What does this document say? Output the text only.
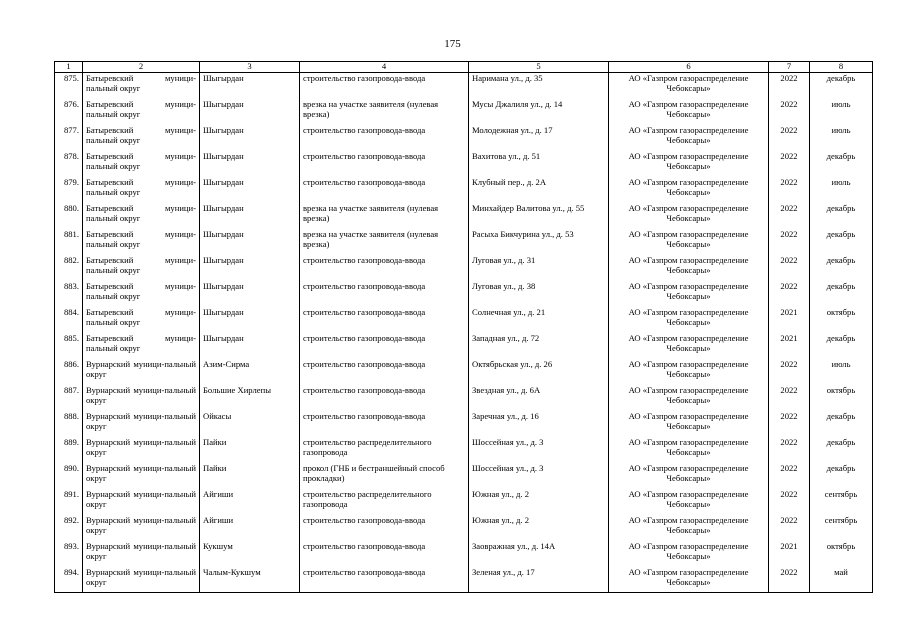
175
1	2	3	4	5	6	7	8
875.	Батыревский муници-пальный округ	Шыгырдан	строительство газопровода-ввода	Наримана ул., д. 35	АО «Газпром газораспределение Чебоксары»	2022	декабрь
876.	Батыревский муници-пальный округ	Шыгырдан	врезка на участке заявителя (нулевая врезка)	Мусы Джалиля ул., д. 14	АО «Газпром газораспределение Чебоксары»	2022	июль
877.	Батыревский муници-пальный округ	Шыгырдан	строительство газопровода-ввода	Молодежная ул., д. 17	АО «Газпром газораспределение Чебоксары»	2022	июль
878.	Батыревский муници-пальный округ	Шыгырдан	строительство газопровода-ввода	Вахитова ул., д. 51	АО «Газпром газораспределение Чебоксары»	2022	декабрь
879.	Батыревский муници-пальный округ	Шыгырдан	строительство газопровода-ввода	Клубный пер., д. 2А	АО «Газпром газораспределение Чебоксары»	2022	июль
880.	Батыревский муници-пальный округ	Шыгырдан	врезка на участке заявителя (нулевая врезка)	Минхайдер Валитова ул., д. 55	АО «Газпром газораспределение Чебоксары»	2022	декабрь
881.	Батыревский муници-пальный округ	Шыгырдан	врезка на участке заявителя (нулевая врезка)	Расыха Бикчурина ул., д. 53	АО «Газпром газораспределение Чебоксары»	2022	декабрь
882.	Батыревский муници-пальный округ	Шыгырдан	строительство газопровода-ввода	Луговая ул., д. 31	АО «Газпром газораспределение Чебоксары»	2022	декабрь
883.	Батыревский муници-пальный округ	Шыгырдан	строительство газопровода-ввода	Луговая ул., д. 38	АО «Газпром газораспределение Чебоксары»	2022	декабрь
884.	Батыревский муници-пальный округ	Шыгырдан	строительство газопровода-ввода	Солнечная ул., д. 21	АО «Газпром газораспределение Чебоксары»	2021	октябрь
885.	Батыревский муници-пальный округ	Шыгырдан	строительство газопровода-ввода	Западная ул., д. 72	АО «Газпром газораспределение Чебоксары»	2021	декабрь
886.	Вурнарский муници-пальный округ	Азим-Сирма	строительство газопровода-ввода	Октябрьская ул., д. 26	АО «Газпром газораспределение Чебоксары»	2022	июль
887.	Вурнарский муници-пальный округ	Большие Хирлепы	строительство газопровода-ввода	Звездная ул., д. 6А	АО «Газпром газораспределение Чебоксары»	2022	октябрь
888.	Вурнарский муници-пальный округ	Ойкасы	строительство газопровода-ввода	Заречная ул., д. 16	АО «Газпром газораспределение Чебоксары»	2022	декабрь
889.	Вурнарский муници-пальный округ	Пайки	строительство распределительного газопровода	Шоссейная ул., д. 3	АО «Газпром газораспределение Чебоксары»	2022	декабрь
890.	Вурнарский муници-пальный округ	Пайки	прокол (ГНБ и бестраншейный способ прокладки)	Шоссейная ул., д. 3	АО «Газпром газораспределение Чебоксары»	2022	декабрь
891.	Вурнарский муници-пальный округ	Айгиши	строительство распределительного газопровода	Южная ул., д. 2	АО «Газпром газораспределение Чебоксары»	2022	сентябрь
892.	Вурнарский муници-пальный округ	Айгиши	строительство газопровода-ввода	Южная ул., д. 2	АО «Газпром газораспределение Чебоксары»	2022	сентябрь
893.	Вурнарский муници-пальный округ	Кукшум	строительство газопровода-ввода	Заовражная ул., д. 14А	АО «Газпром газораспределение Чебоксары»	2021	октябрь
894.	Вурнарский муници-пальный округ	Чалым-Кукшум	строительство газопровода-ввода	Зеленая ул., д. 17	АО «Газпром газораспределение Чебоксары»	2022	май
